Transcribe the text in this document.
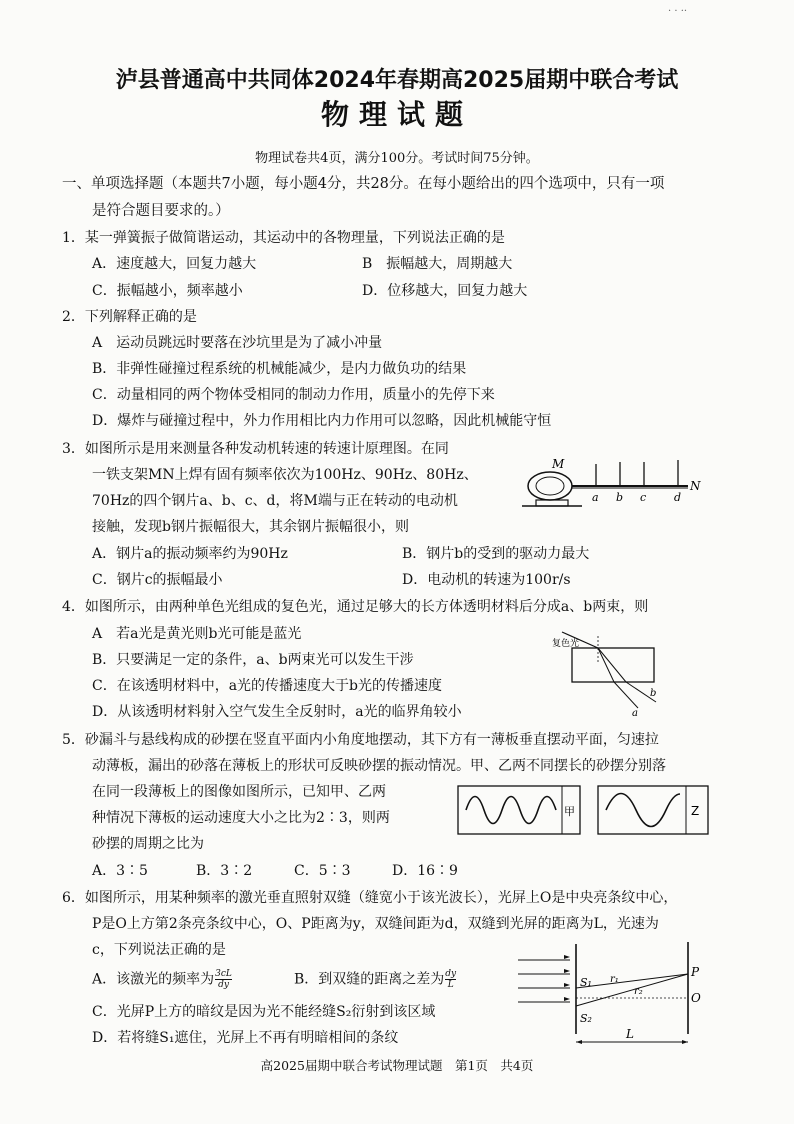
· · ··
泸县普通高中共同体2024年春期高2025届期中联合考试
物理试题
物理试卷共4页，满分100分。考试时间75分钟。
一、单项选择题（本题共7小题，每小题4分，共28分。在每小题给出的四个选项中，只有一项
是符合题目要求的。）
1．某一弹簧振子做简谐运动，其运动中的各物理量，下列说法正确的是
A．速度越大，回复力越大	B　振幅越大，周期越大
C．振幅越小，频率越小	D．位移越大，回复力越大
2．下列解释正确的是
A　运动员跳远时要落在沙坑里是为了减小冲量
B．非弹性碰撞过程系统的机械能减少，是内力做负功的结果
C．动量相同的两个物体受相同的制动力作用，质量小的先停下来
D．爆炸与碰撞过程中，外力作用相比内力作用可以忽略，因此机械能守恒
3．如图所示是用来测量各种发动机转速的转速计原理图。在同
一铁支架MN上焊有固有频率依次为100Hz、90Hz、80Hz、
70Hz的四个钢片a、b、c、d，将M端与正在转动的电动机
接触，发现b钢片振幅很大，其余钢片振幅很小，则
A．钢片a的振动频率约为90Hz	B．钢片b的受到的驱动力最大
C．钢片c的振幅最小	D．电动机的转速为100r/s
M
a b c	d
N
4．如图所示，由两种单色光组成的复色光，通过足够大的长方体透明材料后分成a、b两束，则
A　若a光是黄光则b光可能是蓝光
B．只要满足一定的条件，a、b两束光可以发生干涉
C．在该透明材料中，a光的传播速度大于b光的传播速度
D．从该透明材料射入空气发生全反射时，a光的临界角较小
复色光
a
b
5．砂漏斗与悬线构成的砂摆在竖直平面内小角度地摆动，其下方有一薄板垂直摆动平面，匀速拉
动薄板，漏出的砂落在薄板上的形状可反映砂摆的振动情况。甲、乙两不同摆长的砂摆分别落
在同一段薄板上的图像如图所示，已知甲、乙两
种情况下薄板的运动速度大小之比为2∶3，则两
砂摆的周期之比为
A．3∶5	B．3∶2	C．5∶3	D．16∶9
甲	Z
6．如图所示，用某种频率的激光垂直照射双缝（缝宽小于该光波长），光屏上O是中央亮条纹中心，
P是O上方第2条亮条纹中心，O、P距离为y，双缝间距为d，双缝到光屏的距离为L，光速为
c，下列说法正确的是
A．该激光的频率为 $\frac{3cL}{dy}$	B．到双缝的距离之差为 $\frac{dy}{L}$
C．光屏P上方的暗纹是因为光不能经缝S₂衍射到该区域
D．若将缝S₁遮住，光屏上不再有明暗相间的条纹
S₁
S₂
r₁
r₂
P
O
L
高2025届期中联合考试物理试题　第1页　共4页
